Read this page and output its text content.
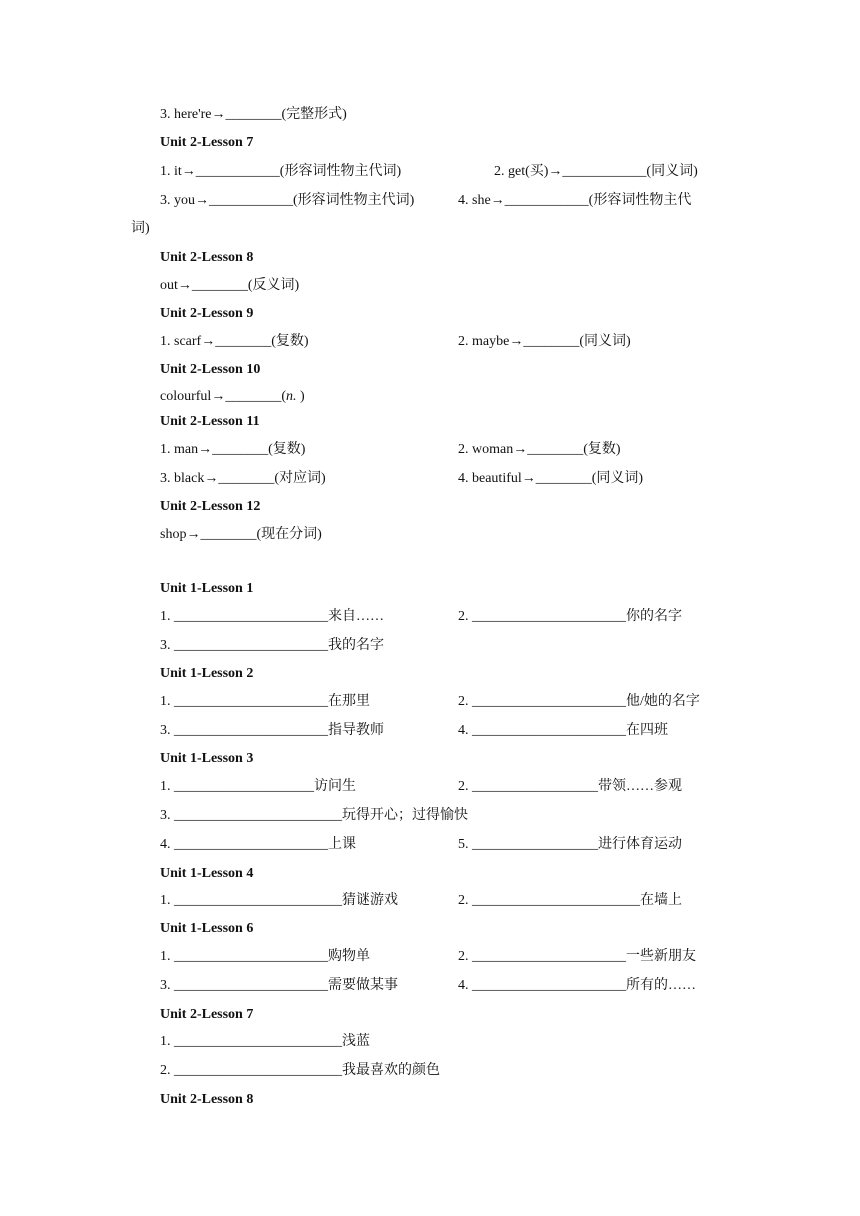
3. here're→________(完整形式)
Unit 2-Lesson 7
1. it→____________(形容词性物主代词)	2. get(买)→____________(同义词)
3. you→____________(形容词性物主代词)	4. she→____________(形容词性物主代
词)
Unit 2-Lesson 8
out→________(反义词)
Unit 2-Lesson 9
1. scarf→________(复数)	2. maybe→________(同义词)
Unit 2-Lesson 10
colourful→________(n. )
Unit 2-Lesson 11
1. man→________(复数)	2. woman→________(复数)
3. black→________(对应词)	4. beautiful→________(同义词)
Unit 2-Lesson 12
shop→________(现在分词)
Unit 1-Lesson 1
1. ______________________来自……	2. ______________________你的名字
3. ______________________我的名字
Unit 1-Lesson 2
1. ______________________在那里	2. ______________________他/她的名字
3. ______________________指导教师	4. ______________________在四班
Unit 1-Lesson 3
1. ____________________访问生	2. __________________带领……参观
3. ________________________玩得开心；过得愉快
4. ______________________上课	5. __________________进行体育运动
Unit 1-Lesson 4
1. ________________________猜谜游戏	2. ________________________在墙上
Unit 1-Lesson 6
1. ______________________购物单	2. ______________________一些新朋友
3. ______________________需要做某事	4. ______________________所有的……
Unit 2-Lesson 7
1. ________________________浅蓝
2. ________________________我最喜欢的颜色
Unit 2-Lesson 8
